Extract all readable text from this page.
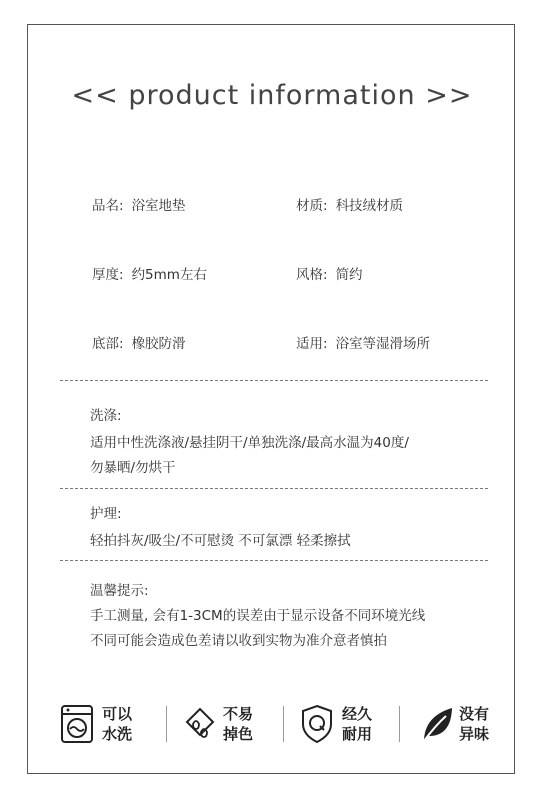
<< product information >>
品名: 浴室地垫	材质: 科技绒材质
厚度: 约5mm左右	风格: 简约
底部: 橡胶防滑	适用: 浴室等湿滑场所
洗涤:
适用中性洗涤液/悬挂阴干/单独洗涤/最高水温为40度/
勿暴晒/勿烘干
护理:
轻拍抖灰/吸尘/不可慰烫 不可氯漂 轻柔擦拭
温馨提示:
手工测量, 会有1-3CM的误差由于显示设备不同环境光线
不同可能会造成色差请以收到实物为准介意者慎拍
可以
水洗
不易
掉色
经久
耐用
没有
异味
